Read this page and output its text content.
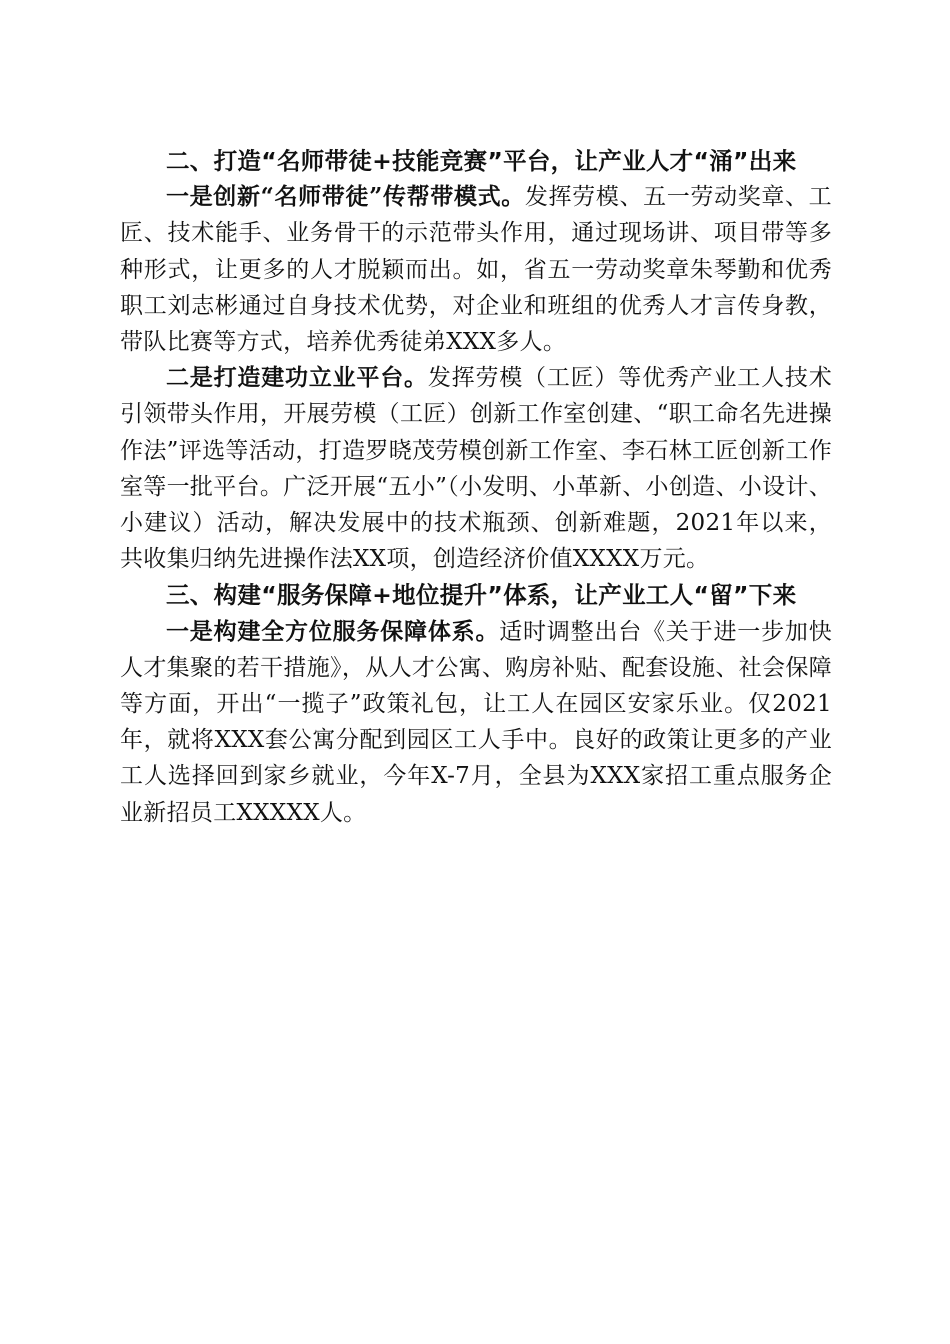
二、打造“名师带徒+技能竞赛”平台，让产业人才“涌”出来

一是创新“名师带徒”传帮带模式。发挥劳模、五一劳动奖章、工匠、技术能手、业务骨干的示范带头作用，通过现场讲、项目带等多种形式，让更多的人才脱颖而出。如，省五一劳动奖章朱琴勤和优秀职工刘志彬通过自身技术优势，对企业和班组的优秀人才言传身教，带队比赛等方式，培养优秀徒弟XXX多人。

二是打造建功立业平台。发挥劳模（工匠）等优秀产业工人技术引领带头作用，开展劳模（工匠）创新工作室创建、“职工命名先进操作法”评选等活动，打造罗晓茂劳模创新工作室、李石林工匠创新工作室等一批平台。广泛开展“五小”（小发明、小革新、小创造、小设计、小建议）活动，解决发展中的技术瓶颈、创新难题，2021年以来，共收集归纳先进操作法XX项，创造经济价值XXXX万元。

三、构建“服务保障+地位提升”体系，让产业工人“留”下来

一是构建全方位服务保障体系。适时调整出台《关于进一步加快人才集聚的若干措施》，从人才公寓、购房补贴、配套设施、社会保障等方面，开出“一揽子”政策礼包，让工人在园区安家乐业。仅2021年，就将XXX套公寓分配到园区工人手中。良好的政策让更多的产业工人选择回到家乡就业，今年X-7月，全县为XXX家招工重点服务企业新招员工XXXXX人。
